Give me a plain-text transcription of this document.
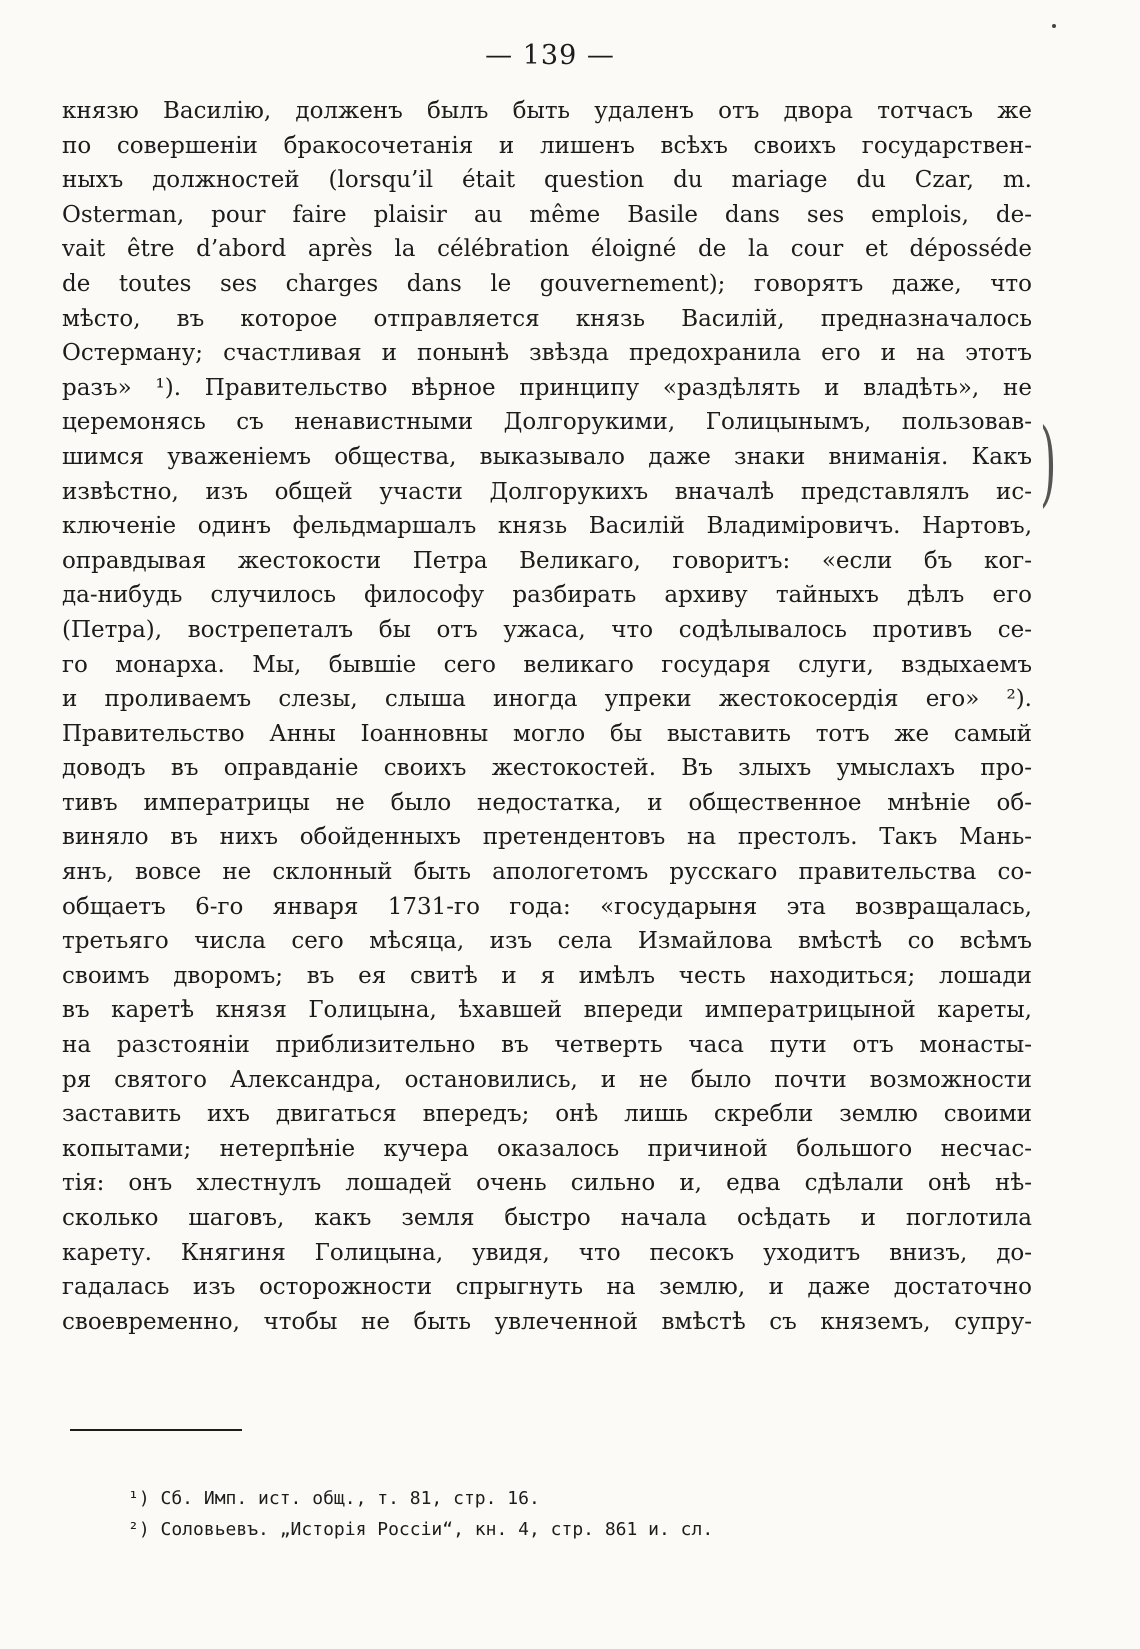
— 139 —
князю Василію, долженъ былъ быть удаленъ отъ двора тотчасъ же
по совершеніи бракосочетанія и лишенъ всѣхъ своихъ государствен-
ныхъ должностей (lorsqu’il était question du mariage du Czar, m.
Osterman, pour faire plaisir au même Basile dans ses emplois, de-
vait être d’abord après la célébration éloigné de la cour et déposséde
de toutes ses charges dans le gouvernement); говорятъ даже, что
мѣсто, въ которое отправляется князь Василій, предназначалось
Остерману; счастливая и понынѣ звѣзда предохранила его и на этотъ
разъ» ¹). Правительство вѣрное принципу «раздѣлять и владѣть», не
церемонясь съ ненавистными Долгорукими, Голицынымъ, пользовав-
шимся уваженіемъ общества, выказывало даже знаки вниманія. Какъ
извѣстно, изъ общей участи Долгорукихъ вначалѣ представлялъ ис-
ключеніе одинъ фельдмаршалъ князь Василій Владиміровичъ. Нартовъ,
оправдывая жестокости Петра Великаго, говоритъ: «если бъ ког-
да-нибудь случилось философу разбирать архиву тайныхъ дѣлъ его
(Петра), вострепеталъ бы отъ ужаса, что содѣлывалось противъ се-
го монарха. Мы, бывшіе сего великаго государя слуги, вздыхаемъ
и проливаемъ слезы, слыша иногда упреки жестокосердія его» ²).
Правительство Анны Іоанновны могло бы выставить тотъ же самый
доводъ въ оправданіе своихъ жестокостей. Въ злыхъ умыслахъ про-
тивъ императрицы не было недостатка, и общественное мнѣніе об-
виняло въ нихъ обойденныхъ претендентовъ на престолъ. Такъ Мань-
янъ, вовсе не склонный быть апологетомъ русскаго правительства со-
общаетъ 6-го января 1731-го года: «государыня эта возвращалась,
третьяго числа сего мѣсяца, изъ села Измайлова вмѣстѣ со всѣмъ
своимъ дворомъ; въ ея свитѣ и я имѣлъ честь находиться; лошади
въ каретѣ князя Голицына, ѣхавшей впереди императрицыной кареты,
на разстояніи приблизительно въ четверть часа пути отъ монасты-
ря святого Александра, остановились, и не было почти возможности
заставить ихъ двигаться впередъ; онѣ лишь скребли землю своими
копытами; нетерпѣніе кучера оказалось причиной большого несчас-
тія: онъ хлестнулъ лошадей очень сильно и, едва сдѣлали онѣ нѣ-
сколько шаговъ, какъ земля быстро начала осѣдать и поглотила
карету. Княгиня Голицына, увидя, что песокъ уходитъ внизъ, до-
гадалась изъ осторожности спрыгнуть на землю, и даже достаточно
своевременно, чтобы не быть увлеченной вмѣстѣ съ княземъ, супру-
)
¹) Сб. Имп. ист. общ., т. 81, стр. 16.
²) Соловьевъ. „Исторія Россіи“, кн. 4, стр. 861 и. сл.
